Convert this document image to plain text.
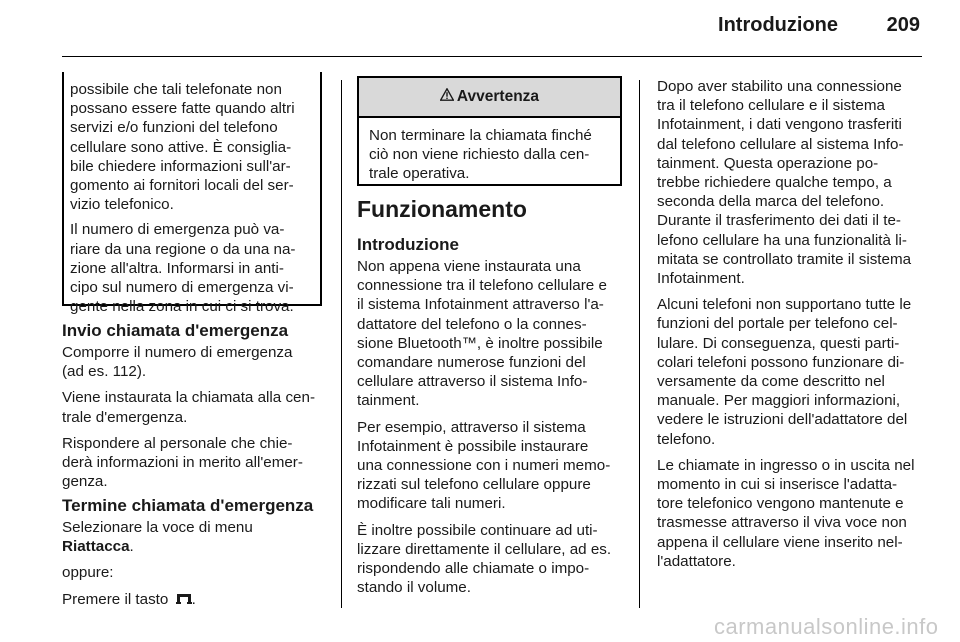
Introduzione	209

possibile che tali telefonate non
possano essere fatte quando altri
servizi e/o funzioni del telefono
cellulare sono attive. È consiglia-
bile chiedere informazioni sull'ar-
gomento ai fornitori locali del ser-
vizio telefonico.

Il numero di emergenza può va-
riare da una regione o da una na-
zione all'altra. Informarsi in anti-
cipo sul numero di emergenza vi-
gente nella zona in cui ci si trova.

Invio chiamata d'emergenza

Comporre il numero di emergenza
(ad es. 112).

Viene instaurata la chiamata alla cen-
trale d'emergenza.

Rispondere al personale che chie-
derà informazioni in merito all'emer-
genza.

Termine chiamata d'emergenza

Selezionare la voce di menu
Riattacca.

oppure:

Premere il tasto .

Avvertenza
Non terminare la chiamata finché
ciò non viene richiesto dalla cen-
trale operativa.
Funzionamento
Introduzione

Non appena viene instaurata una
connessione tra il telefono cellulare e
il sistema Infotainment attraverso l'a-
dattatore del telefono o la connes-
sione Bluetooth™, è inoltre possibile
comandare numerose funzioni del
cellulare attraverso il sistema Info-
tainment.

Per esempio, attraverso il sistema
Infotainment è possibile instaurare
una connessione con i numeri memo-
rizzati sul telefono cellulare oppure
modificare tali numeri.

È inoltre possibile continuare ad uti-
lizzare direttamente il cellulare, ad es.
rispondendo alle chiamate o impo-
stando il volume.

Dopo aver stabilito una connessione
tra il telefono cellulare e il sistema
Infotainment, i dati vengono trasferiti
dal telefono cellulare al sistema Info-
tainment. Questa operazione po-
trebbe richiedere qualche tempo, a
seconda della marca del telefono.
Durante il trasferimento dei dati il te-
lefono cellulare ha una funzionalità li-
mitata se controllato tramite il sistema
Infotainment.

Alcuni telefoni non supportano tutte le
funzioni del portale per telefono cel-
lulare. Di conseguenza, questi parti-
colari telefoni possono funzionare di-
versamente da come descritto nel
manuale. Per maggiori informazioni,
vedere le istruzioni dell'adattatore del
telefono.

Le chiamate in ingresso o in uscita nel
momento in cui si inserisce l'adatta-
tore telefonico vengono mantenute e
trasmesse attraverso il viva voce non
appena il cellulare viene inserito nel-
l'adattatore.

carmanualsonline.info
